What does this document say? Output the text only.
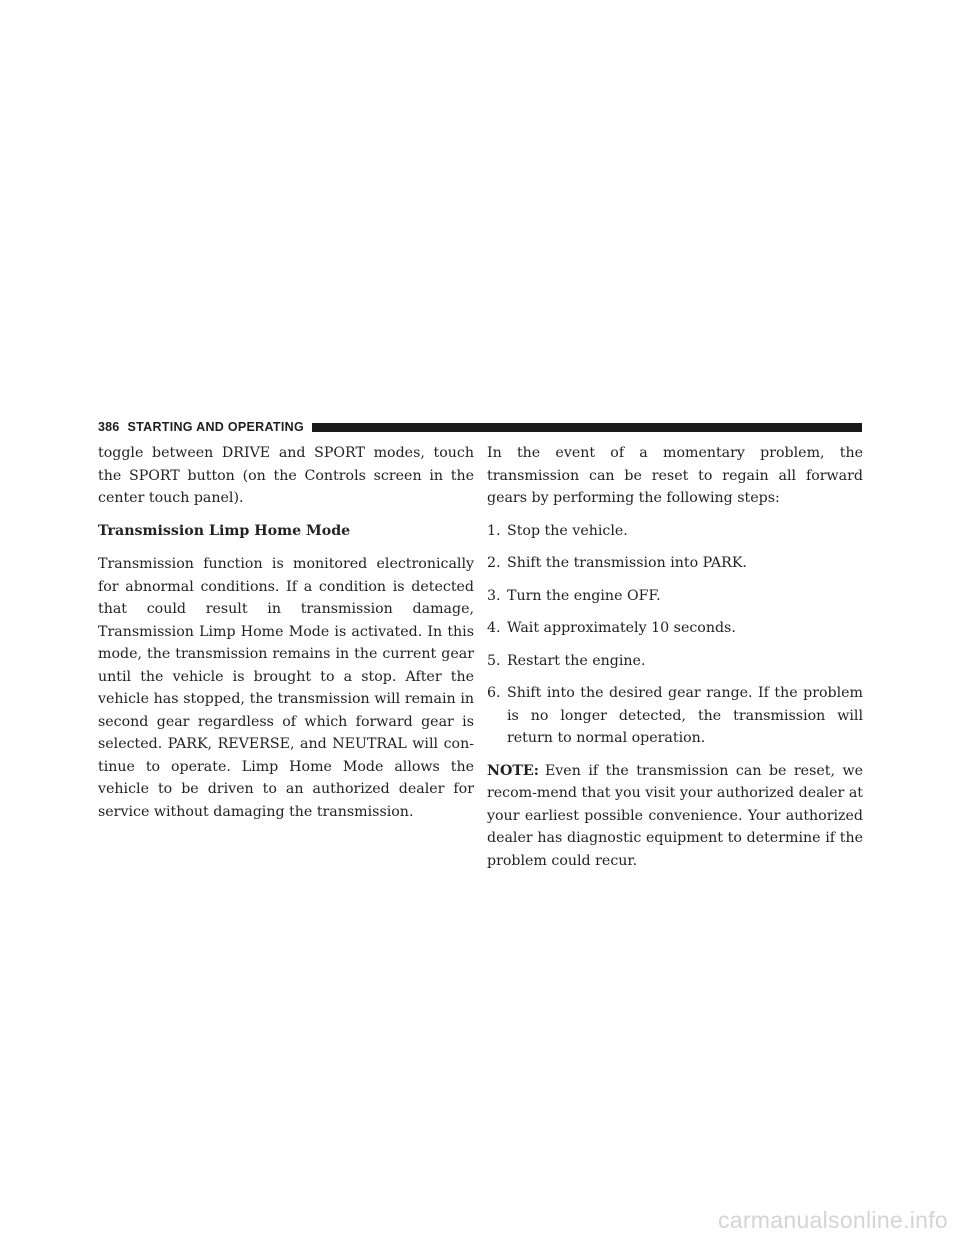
386 STARTING AND OPERATING

toggle between DRIVE and SPORT modes, touch the SPORT button (on the Controls screen in the center touch panel).

Transmission Limp Home Mode

Transmission function is monitored electronically for abnormal conditions. If a condition is detected that could result in transmission damage, Transmission Limp Home Mode is activated. In this mode, the transmission remains in the current gear until the vehicle is brought to a stop. After the vehicle has stopped, the transmission will remain in second gear regardless of which forward gear is selected. PARK, REVERSE, and NEUTRAL will con-tinue to operate. Limp Home Mode allows the vehicle to be driven to an authorized dealer for service without damaging the transmission.

In the event of a momentary problem, the transmission can be reset to regain all forward gears by performing the following steps:

1. Stop the vehicle.
2. Shift the transmission into PARK.
3. Turn the engine OFF.
4. Wait approximately 10 seconds.
5. Restart the engine.
6. Shift into the desired gear range. If the problem is no longer detected, the transmission will return to normal operation.

NOTE: Even if the transmission can be reset, we recom-mend that you visit your authorized dealer at your earliest possible convenience. Your authorized dealer has diagnostic equipment to determine if the problem could recur.

carmanualsonline.info
